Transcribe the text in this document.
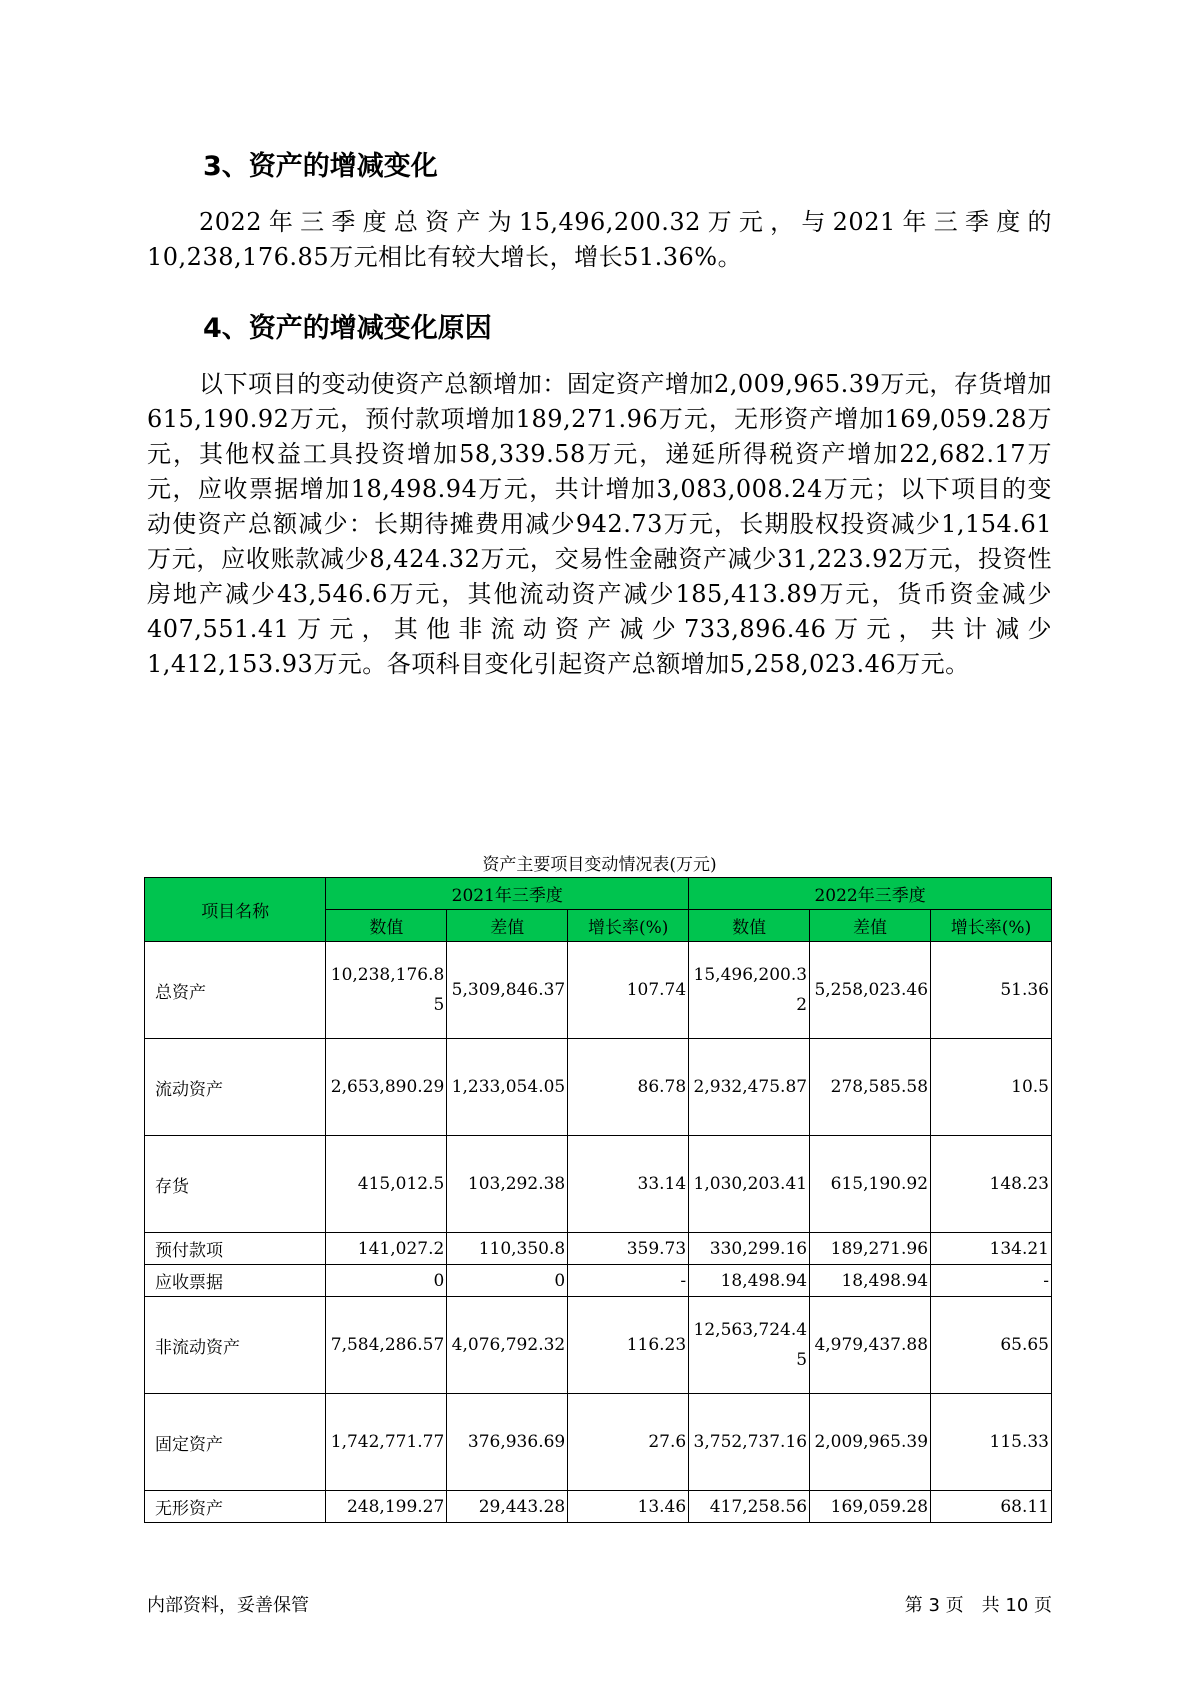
3、资产的增减变化

2022年三季度总资产为15,496,200.32万元，与2021年三季度的10,238,176.85万元相比有较大增长，增长51.36%。

4、资产的增减变化原因

以下项目的变动使资产总额增加：固定资产增加2,009,965.39万元，存货增加615,190.92万元，预付款项增加189,271.96万元，无形资产增加169,059.28万元，其他权益工具投资增加58,339.58万元，递延所得税资产增加22,682.17万元，应收票据增加18,498.94万元，共计增加3,083,008.24万元；以下项目的变动使资产总额减少：长期待摊费用减少942.73万元，长期股权投资减少1,154.61万元，应收账款减少8,424.32万元，交易性金融资产减少31,223.92万元，投资性房地产减少43,546.6万元，其他流动资产减少185,413.89万元，货币资金减少407,551.41万元，其他非流动资产减少733,896.46万元，共计减少1,412,153.93万元。各项科目变化引起资产总额增加5,258,023.46万元。

资产主要项目变动情况表(万元)
项目名称	2021年三季度			2022年三季度		
	数值	差值	增长率(%)	数值	差值	增长率(%)
总资产	10,238,176.85	5,309,846.37	107.74	15,496,200.32	5,258,023.46	51.36
流动资产	2,653,890.29	1,233,054.05	86.78	2,932,475.87	278,585.58	10.5
存货	415,012.5	103,292.38	33.14	1,030,203.41	615,190.92	148.23
预付款项	141,027.2	110,350.8	359.73	330,299.16	189,271.96	134.21
应收票据	0	0	-	18,498.94	18,498.94	-
非流动资产	7,584,286.57	4,076,792.32	116.23	12,563,724.45	4,979,437.88	65.65
固定资产	1,742,771.77	376,936.69	27.6	3,752,737.16	2,009,965.39	115.33
无形资产	248,199.27	29,443.28	13.46	417,258.56	169,059.28	68.11
内部资料，妥善保管	第 3 页　共 10 页
